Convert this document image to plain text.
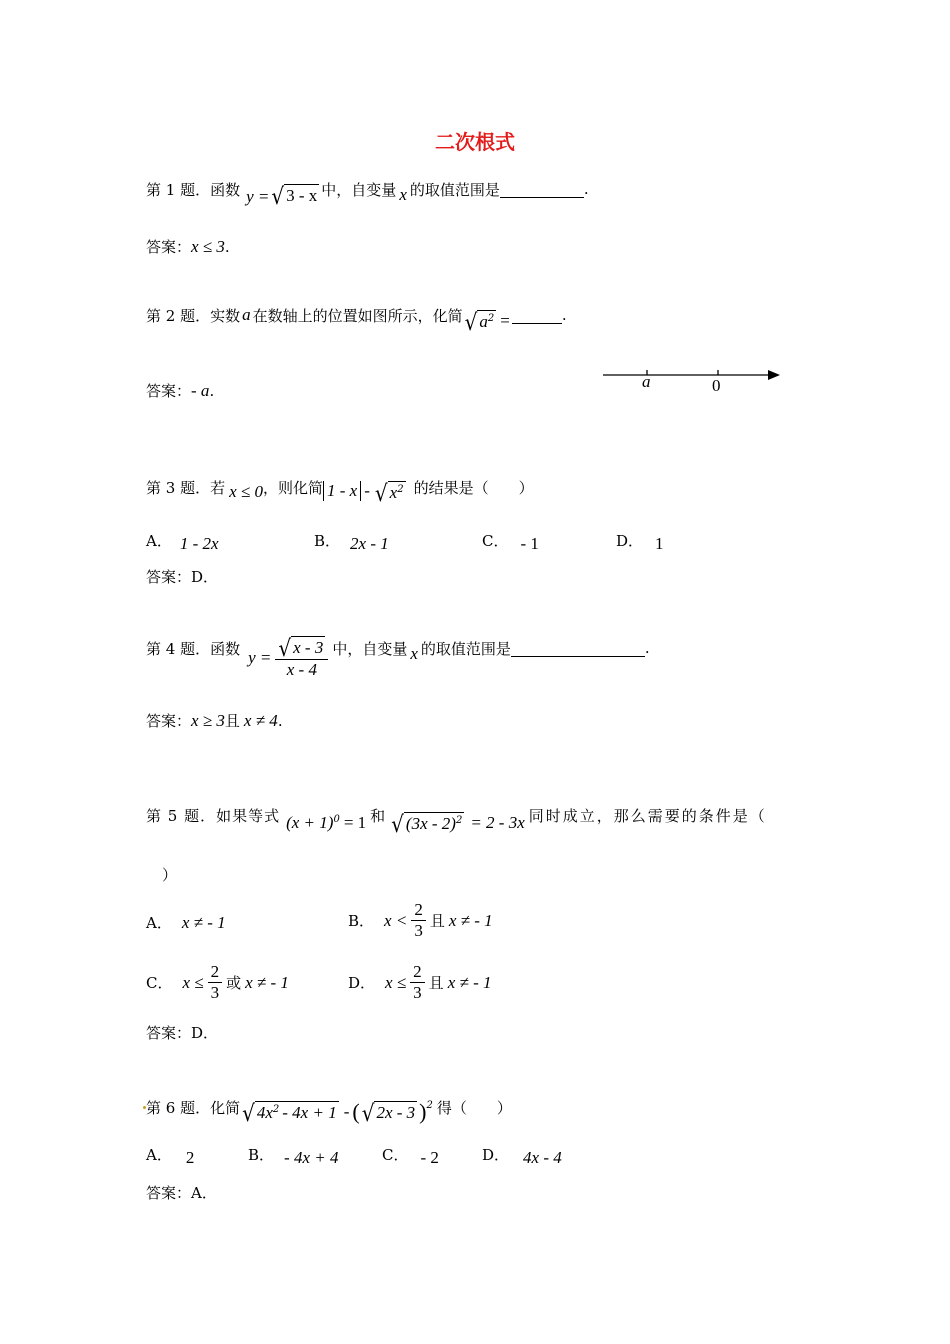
二次根式
第 1 题．函数 y = √ 3 - x 中，自变量 x 的取值范围是	.
答案： x ≤ 3 .
第 2 题．实数 a 在数轴上的位置如图所示，化简 √ $a^2$ =	.
a	0
答案： - a .
第 3 题．若 x ≤ 0 ，则化简 1 - x - √ $x^2$ 的结果是（　　）
A． 1 - 2x	B． 2x - 1	C． - 1	D． 1
答案： D．
第 4 题．函数 $y = \frac{√ x - 3}{x - 4}$ 中，自变量 x 的取值范围是	.
答案： x ≥ 3 且 x ≠ 4 .
第 5 题．如果等式 (x + 1) 0 = 1 和 √ (3x - 2)$^2$ = 2 - 3x 同时成立，那么需要的条件是（
）
A． x ≠ - 1	B． $x < \frac{2}{3}$ 且 x ≠ - 1
C． $x \le \frac{2}{3}$ 或 x ≠ - 1	D． $x \le \frac{2}{3}$ 且 x ≠ - 1
答案： D．
第 6 题．化简 √ $4x^2 - 4x + 1$ - ( √ 2x - 3 ) 2 得（　　）
A． 2	B． - 4x + 4	C． - 2	D． 4x - 4
答案： A．
